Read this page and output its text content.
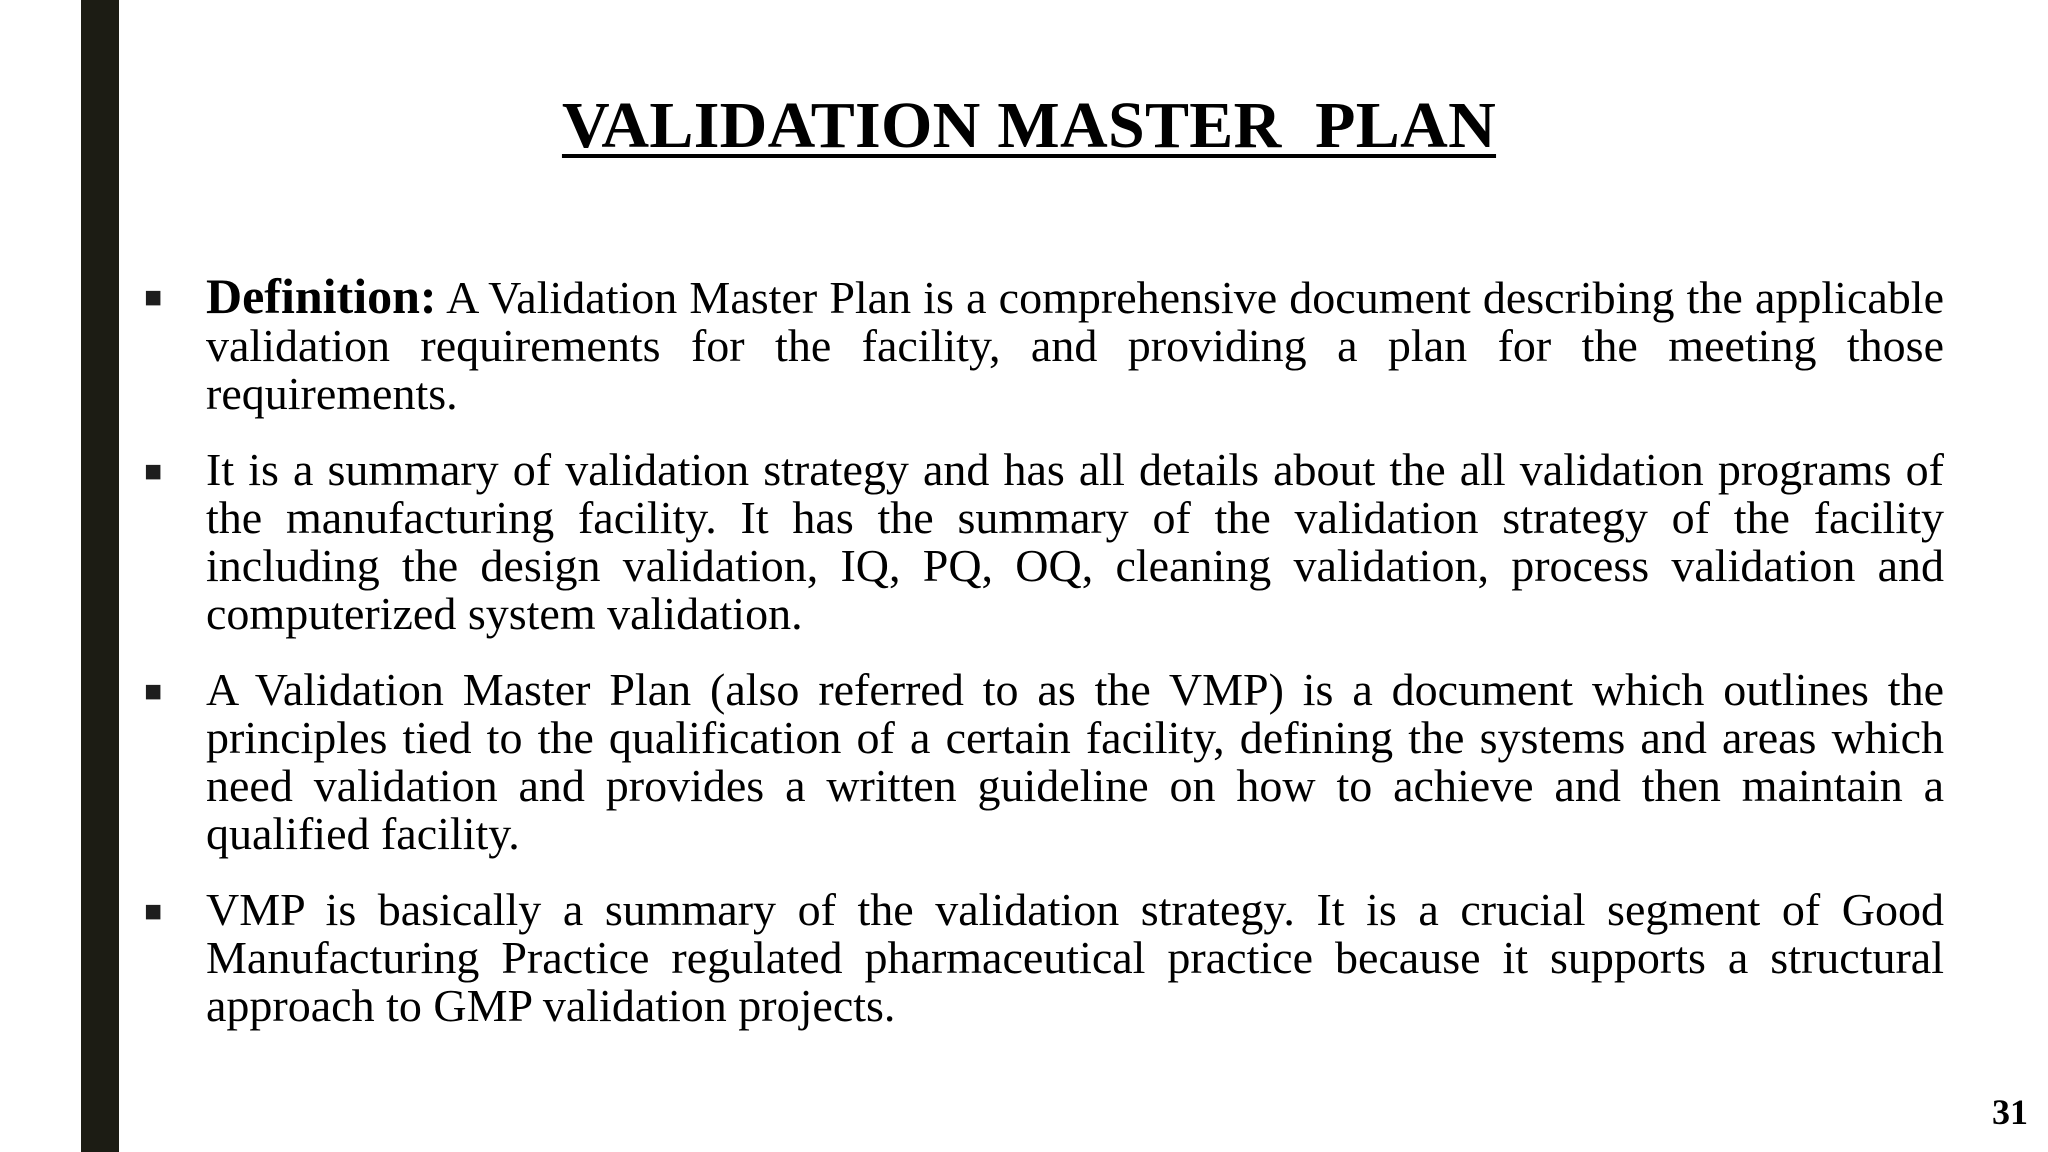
VALIDATION MASTER  PLAN
■ Definition: A Validation Master Plan is a comprehensive document describing the applicable validation requirements for the facility, and providing a plan for the meeting those requirements.

■ It is a summary of validation strategy and has all details about the all validation programs of the manufacturing facility. It has the summary of the validation strategy of the facility including the design validation, IQ, PQ, OQ, cleaning validation, process validation and computerized system validation.

■ A Validation Master Plan (also referred to as the VMP) is a document which outlines the principles tied to the qualification of a certain facility, defining the systems and areas which need validation and provides a written guideline on how to achieve and then maintain a qualified facility.

■ VMP is basically a summary of the validation strategy. It is a crucial segment of Good Manufacturing Practice regulated pharmaceutical practice because it supports a structural approach to GMP validation projects.

31
